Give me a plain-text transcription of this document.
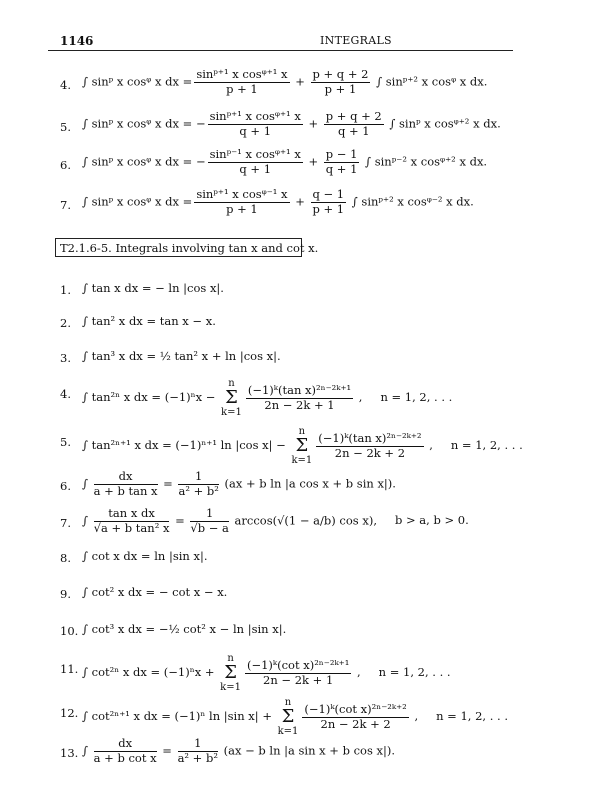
1146	INTEGRALS
4. ∫ sinᵖ x cosᵠ x dx = $\frac{\text{sinᵖ⁺¹ x cosᵠ⁺¹ x}}{p + 1} + \frac{p + q + 2}{p + 1}$ ∫ sinᵖ⁺² x cosᵠ x dx.
5. ∫ sinᵖ x cosᵠ x dx = − $\frac{\text{sinᵖ⁺¹ x cosᵠ⁺¹ x}}{q + 1} + \frac{p + q + 2}{q + 1}$ ∫ sinᵖ x cosᵠ⁺² x dx.
6. ∫ sinᵖ x cosᵠ x dx = − $\frac{\text{sinᵖ⁻¹ x cosᵠ⁺¹ x}}{q + 1} + \frac{p - 1}{q + 1}$ ∫ sinᵖ⁻² x cosᵠ⁺² x dx.
7. ∫ sinᵖ x cosᵠ x dx = $\frac{\text{sinᵖ⁺¹ x cosᵠ⁻¹ x}}{p + 1} + \frac{q - 1}{p + 1}$ ∫ sinᵖ⁺² x cosᵠ⁻² x dx.
T2.1.6-5. Integrals involving tan x and cot x.
1. ∫ tan x dx = − ln |cos x|.
2. ∫ tan² x dx = tan x − x.
3. ∫ tan³ x dx = ½ tan² x + ln |cos x|.
4. ∫ tan²ⁿ x dx = (−1)ⁿx − n
Σ
k=1
$\frac{\text{(−1)ᵏ(tan x)²ⁿ⁻²ᵏ⁺¹}}{2n - 2k + 1}$ , n = 1, 2, . . .
5. ∫ tan²ⁿ⁺¹ x dx = (−1)ⁿ⁺¹ ln |cos x| − n
Σ
k=1
$\frac{\text{(−1)ᵏ(tan x)²ⁿ⁻²ᵏ⁺²}}{2n - 2k + 2}$ , n = 1, 2, . . .
6. ∫ $\frac{dx}{\text{a + b tan x}} = \frac{1}{\text{a² + b²}} (ax + b$ ln |a cos x + b sin x|).
7. ∫ $\frac{\text{tan x dx}}{\text{√a + b tan² x}} = \frac{1}{√b - a} \arccos(√(1 - a/b)$ cos x), b > a, b > 0.
8. ∫ cot x dx = ln |sin x|.
9. ∫ cot² x dx = − cot x − x.
10. ∫ cot³ x dx = −½ cot² x − ln |sin x|.
11. ∫ cot²ⁿ x dx = (−1)ⁿx + n
Σ
k=1
$\frac{\text{(−1)ᵏ(cot x)²ⁿ⁻²ᵏ⁺¹}}{2n - 2k + 1}$ , n = 1, 2, . . .
12. ∫ cot²ⁿ⁺¹ x dx = (−1)ⁿ ln |sin x| + n
Σ
k=1
$\frac{\text{(−1)ᵏ(cot x)²ⁿ⁻²ᵏ⁺²}}{2n - 2k + 2}$ , n = 1, 2, . . .
13. ∫ $\frac{dx}{\text{a + b cot x}} = \frac{1}{\text{a² + b²}} (ax - b$ ln |a sin x + b cos x|).
